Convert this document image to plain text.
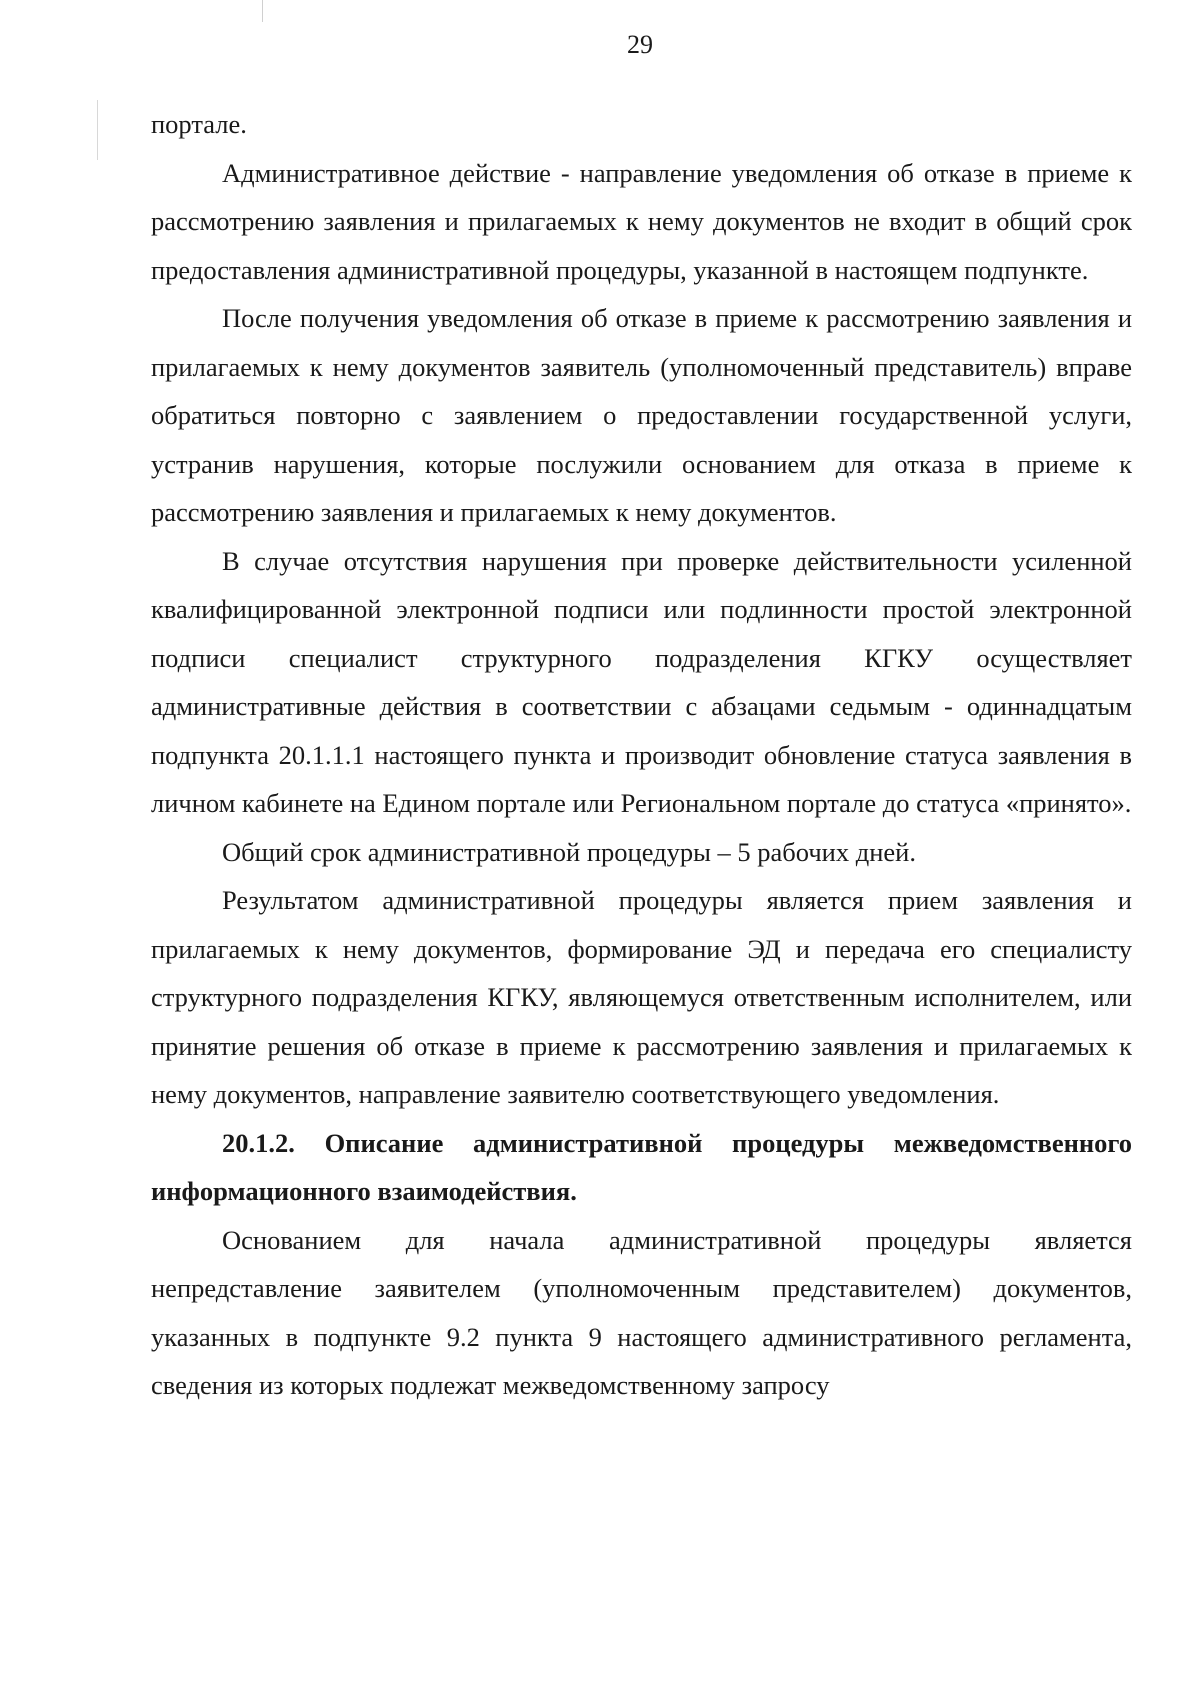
29

портале.

Административное действие - направление уведомления об отказе в приеме к рассмотрению заявления и прилагаемых к нему документов не входит в общий срок предоставления административной процедуры, указанной в настоящем подпункте.

После получения уведомления об отказе в приеме к рассмотрению заявления и прилагаемых к нему документов заявитель (уполномоченный представитель) вправе обратиться повторно с заявлением о предоставлении государственной услуги, устранив нарушения, которые послужили основанием для отказа в приеме к рассмотрению заявления и прилагаемых к нему документов.

В случае отсутствия нарушения при проверке действительности усиленной квалифицированной электронной подписи или подлинности простой электронной подписи специалист структурного подразделения КГКУ осуществляет административные действия в соответствии с абзацами седьмым - одиннадцатым подпункта 20.1.1.1 настоящего пункта и производит обновление статуса заявления в личном кабинете на Едином портале или Региональном портале до статуса «принято».

Общий срок административной процедуры – 5 рабочих дней.

Результатом административной процедуры является прием заявления и прилагаемых к нему документов, формирование ЭД и передача его специалисту структурного подразделения КГКУ, являющемуся ответственным исполнителем, или принятие решения об отказе в приеме к рассмотрению заявления и прилагаемых к нему документов, направление заявителю соответствующего уведомления.

20.1.2. Описание административной процедуры межведомственного информационного взаимодействия.

Основанием для начала административной процедуры является непредставление заявителем (уполномоченным представителем) документов, указанных в подпункте 9.2 пункта 9 настоящего административного регламента, сведения из которых подлежат межведомственному запросу
